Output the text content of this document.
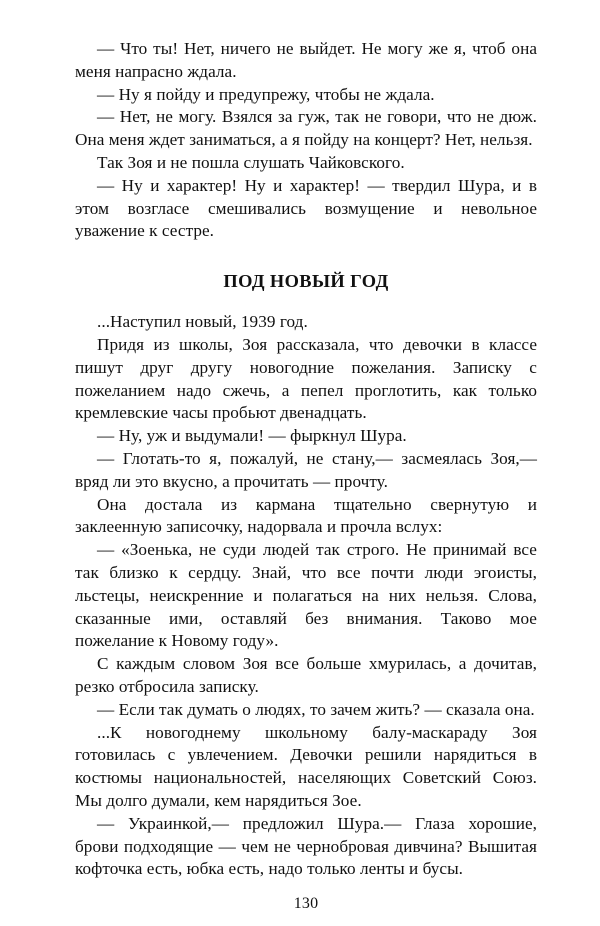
— Что ты! Нет, ничего не выйдет. Не могу же я, чтоб она меня напрасно ждала.

— Ну я пойду и предупрежу, чтобы не ждала.

— Нет, не могу. Взялся за гуж, так не говори, что не дюж. Она меня ждет заниматься, а я пойду на концерт? Нет, нельзя.

Так Зоя и не пошла слушать Чайковского.

— Ну и характер! Ну и характер! — твердил Шура, и в этом возгласе смешивались возмущение и невольное уважение к сестре.

ПОД НОВЫЙ ГОД

...Наступил новый, 1939 год.

Придя из школы, Зоя рассказала, что девочки в классе пишут друг другу новогодние пожелания. Записку с пожеланием надо сжечь, а пепел проглотить, как только кремлевские часы пробьют двенадцать.

— Ну, уж и выдумали! — фыркнул Шура.

— Глотать-то я, пожалуй, не стану,— засмеялась Зоя,— вряд ли это вкусно, а прочитать — прочту.

Она достала из кармана тщательно свернутую и заклеенную записочку, надорвала и прочла вслух:

— «Зоенька, не суди людей так строго. Не принимай все так близко к сердцу. Знай, что все почти люди эгоисты, льстецы, неискренние и полагаться на них нельзя. Слова, сказанные ими, оставляй без внимания. Таково мое пожелание к Новому году».

С каждым словом Зоя все больше хмурилась, а дочитав, резко отбросила записку.

— Если так думать о людях, то зачем жить? — сказала она.

...К новогоднему школьному балу-маскараду Зоя готовилась с увлечением. Девочки решили нарядиться в костюмы национальностей, населяющих Советский Союз. Мы долго думали, кем нарядиться Зое.

— Украинкой,— предложил Шура.— Глаза хорошие, брови подходящие — чем не чернобровая дивчина? Вышитая кофточка есть, юбка есть, надо только ленты и бусы.

130
